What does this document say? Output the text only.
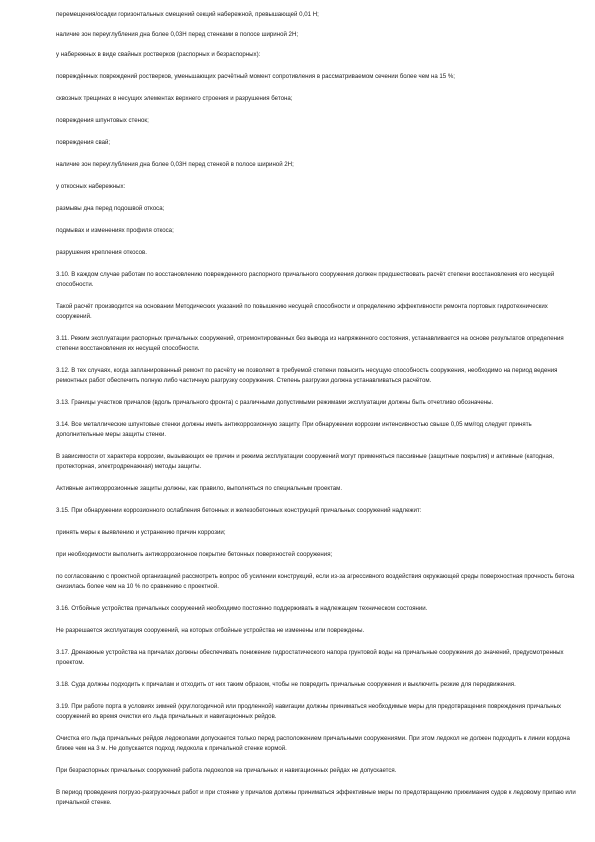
перемещения/осадки горизонтальных смещений секций набережной, превышающей 0,01 Н;

наличие зон переуглубления дна более 0,03Н перед стенками в полосе шириной 2Н;

у набережных в виде свайных ростверков (распорных и безраспорных):

повреждённых повреждений ростверков, уменьшающих расчётный момент сопротивления в рассматриваемом сечении более чем на 15 %;

сквозных трещинах в несущих элементах верхнего строения и разрушения бетона;

повреждения шпунтовых стенок;

повреждения свай;

наличие зон переуглубления дна более 0,03Н перед стенкой в полосе шириной 2Н;

у откосных набережных:

размывы дна перед подошвой откоса;

подмывах и изменениях профиля откоса;

разрушения крепления откосов.

3.10. В каждом случае работам по восстановлению поврежденного распорного причального сооружения должен предшествовать расчёт степени восстановления его несущей способности.

Такой расчёт производится на основании Методических указаний по повышению несущей способности и определению эффективности ремонта портовых гидротехнических сооружений.

3.11. Режим эксплуатации распорных причальных сооружений, отремонтированных без вывода из напряженного состояния, устанавливается на основе результатов определения степени восстановления их несущей способности.

3.12. В тех случаях, когда запланированный ремонт по расчёту не позволяет в требуемой степени повысить несущую способность сооружения, необходимо на период ведения ремонтных работ обеспечить полную либо частичную разгрузку сооружения. Степень разгрузки должна устанавливаться расчётом.

3.13. Границы участков причалов (вдоль причального фронта) с различными допустимыми режимами эксплуатации должны быть отчетливо обозначены.

3.14. Все металлические шпунтовые стенки должны иметь антикоррозионную защиту. При обнаружении коррозии интенсивностью свыше 0,05 мм/год следует принять дополнительные меры защиты стенки.

В зависимости от характера коррозии, вызывающих ее причин и режима эксплуатации сооружений могут применяться пассивные (защитные покрытия) и активные (катодная, протекторная, электродренажная) методы защиты.

Активные антикоррозионные защиты должны, как правило, выполняться по специальным проектам.

3.15. При обнаружении коррозионного ослабления бетонных и железобетонных конструкций причальных сооружений надлежит:

принять меры к выявлению и устранению причин коррозии;

при необходимости выполнить антикоррозионное покрытие бетонных поверхностей сооружения;

по согласованию с проектной организацией рассмотреть вопрос об усилении конструкций, если из-за агрессивного воздействия окружающей среды поверхностная прочность бетона снизилась более чем на 10 % по сравнению с проектной.

3.16. Отбойные устройства причальных сооружений необходимо постоянно поддерживать в надлежащем техническом состоянии.

Не разрешается эксплуатация сооружений, на которых отбойные устройства не изменены или повреждены.

3.17. Дренажные устройства на причалах должны обеспечивать понижение гидростатического напора грунтовой воды на причальные сооружения до значений, предусмотренных проектом.

3.18. Суда должны подходить к причалам и отходить от них таким образом, чтобы не повредить причальные сооружения и выключить резкие для передвижения.

3.19. При работе порта в условиях зимней (круглогодичной или продленной) навигации должны приниматься необходимые меры для предотвращения повреждения причальных сооружений во время очистки его льда причальных и навигационных рейдов.

Очистка его льда причальных рейдов ледоколами допускается только перед расположением причальными сооружениями. При этом ледокол не должен подходить к линии кордона ближе чем на 3 м. Не допускается подход ледокола к причальной стенке кормой.

При безраспорных причальных сооружений работа ледоколов на причальных и навигационных рейдах не допускается.

В период проведения погрузо-разгрузочных работ и при стоянке у причалов должны приниматься эффективные меры по предотвращению прижимания судов к ледовому припаю или причальной стенке.
